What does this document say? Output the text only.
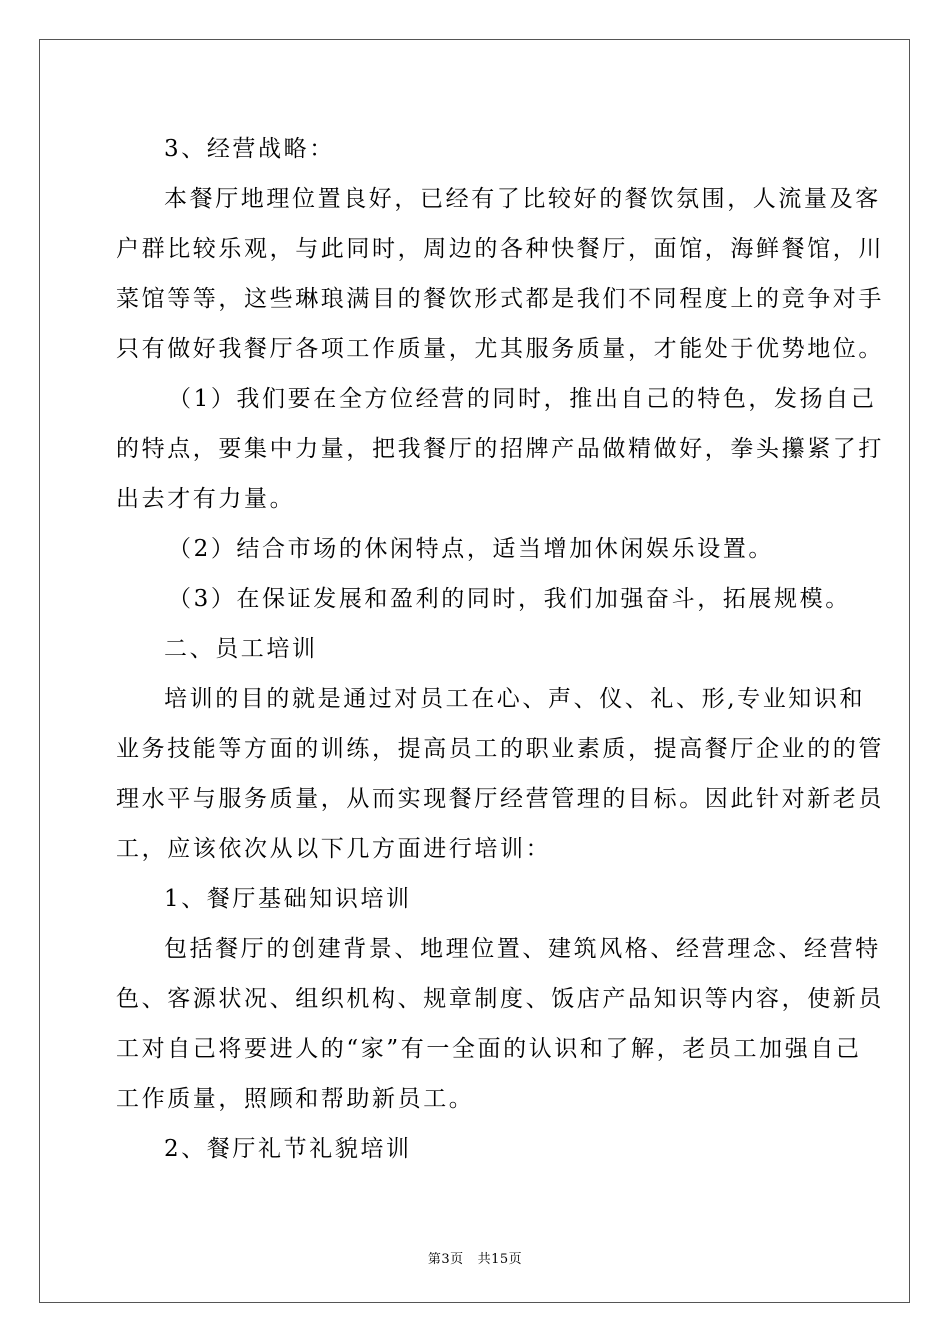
3、经营战略：
本餐厅地理位置良好，已经有了比较好的餐饮氛围，人流量及客
户群比较乐观，与此同时，周边的各种快餐厅，面馆，海鲜餐馆，川
菜馆等等，这些琳琅满目的餐饮形式都是我们不同程度上的竞争对手
只有做好我餐厅各项工作质量，尤其服务质量，才能处于优势地位。
（1）我们要在全方位经营的同时，推出自己的特色，发扬自己
的特点，要集中力量，把我餐厅的招牌产品做精做好，拳头攥紧了打
出去才有力量。
（2）结合市场的休闲特点，适当增加休闲娱乐设置。
（3）在保证发展和盈利的同时，我们加强奋斗，拓展规模。
二、员工培训
培训的目的就是通过对员工在心、声、仪、礼、形,专业知识和
业务技能等方面的训练，提高员工的职业素质，提高餐厅企业的的管
理水平与服务质量，从而实现餐厅经营管理的目标。因此针对新老员
工，应该依次从以下几方面进行培训：
1、餐厅基础知识培训
包括餐厅的创建背景、地理位置、建筑风格、经营理念、经营特
色、客源状况、组织机构、规章制度、饭店产品知识等内容，使新员
工对自己将要进人的“家”有一全面的认识和了解，老员工加强自己
工作质量，照顾和帮助新员工。
2、餐厅礼节礼貌培训
第3页 共15页
